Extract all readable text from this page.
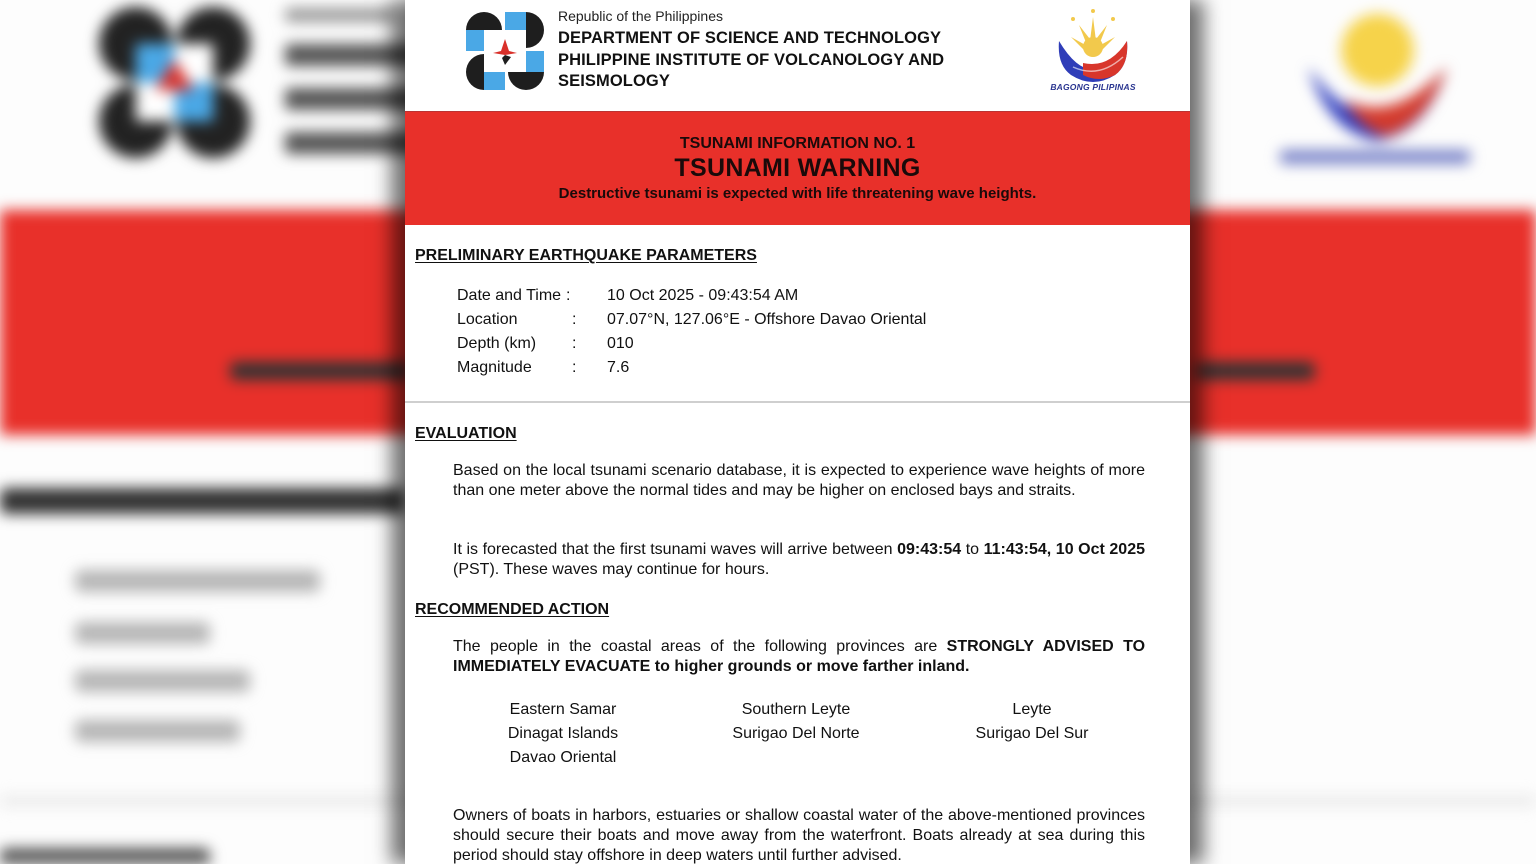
Republic of the Philippines
DEPARTMENT OF SCIENCE AND TECHNOLOGY
PHILIPPINE INSTITUTE OF VOLCANOLOGY AND
SEISMOLOGY	BAGONG PILIPINAS
TSUNAMI INFORMATION NO. 1
TSUNAMI WARNING
Destructive tsunami is expected with life threatening wave heights.
PRELIMINARY EARTHQUAKE PARAMETERS
Date and Time :	10 Oct 2025 - 09:43:54 AM
Location	:	07.07°N, 127.06°E - Offshore Davao Oriental
Depth (km)	:	010
Magnitude	:	7.6
EVALUATION
Based on the local tsunami scenario database, it is expected to experience wave heights of more than one meter above the normal tides and may be higher on enclosed bays and straits.
It is forecasted that the first tsunami waves will arrive between 09:43:54 to 11:43:54, 10 Oct 2025 (PST). These waves may continue for hours.
RECOMMENDED ACTION
The people in the coastal areas of the following provinces are STRONGLY ADVISED TO IMMEDIATELY EVACUATE to higher grounds or move farther inland.
Eastern Samar	Southern Leyte	Leyte
Dinagat Islands	Surigao Del Norte	Surigao Del Sur
Davao Oriental
Owners of boats in harbors, estuaries or shallow coastal water of the above-mentioned provinces should secure their boats and move away from the waterfront. Boats already at sea during this period should stay offshore in deep waters until further advised.
